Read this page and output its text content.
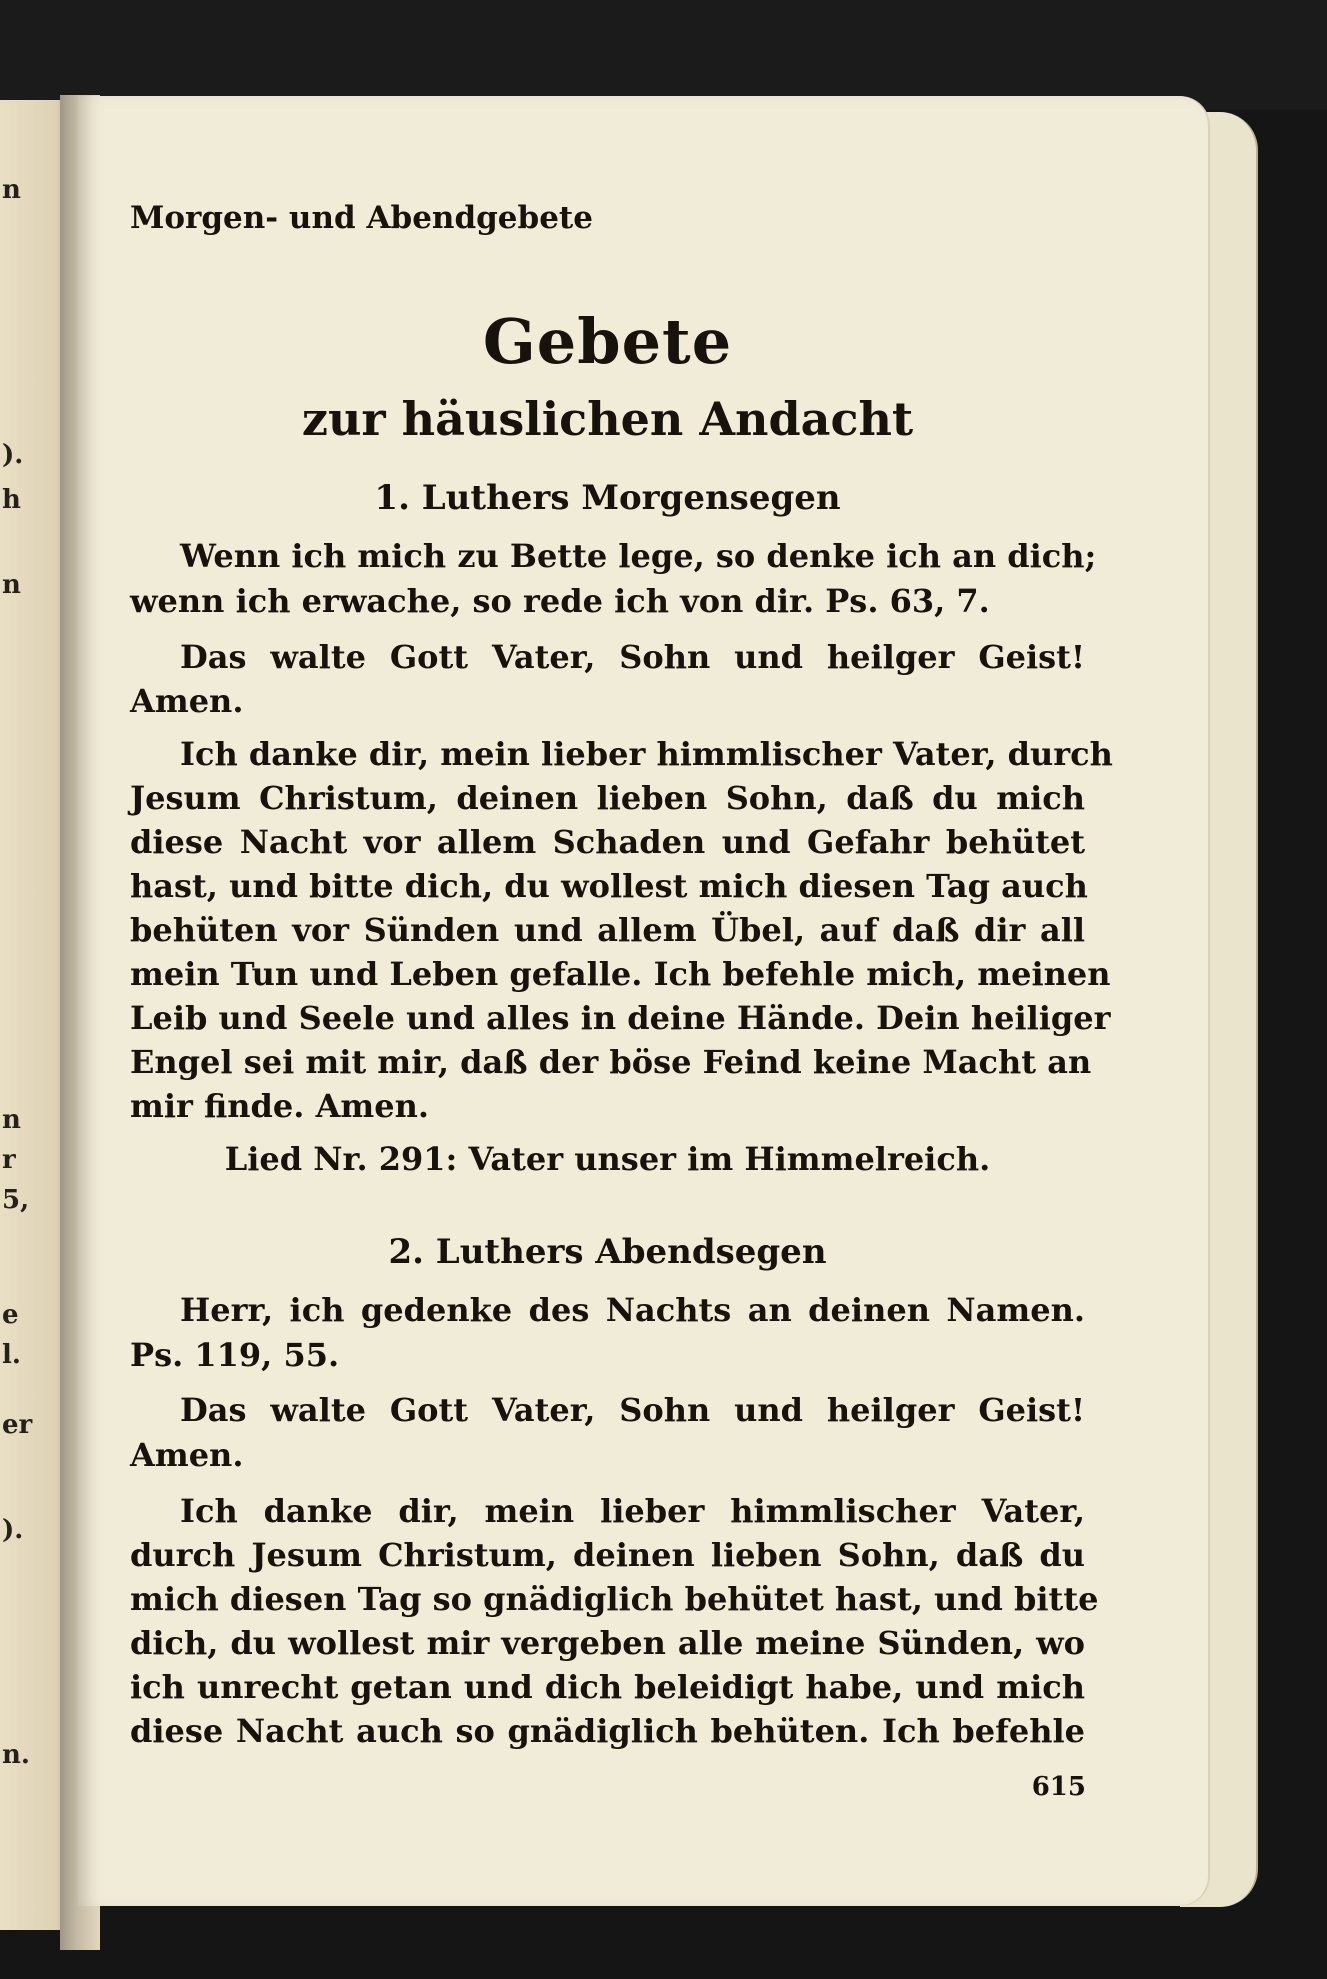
n
).
h
n
n
r
5,
e
l.
er
).
n.
Morgen- und Abendgebete
Gebete
zur häuslichen Andacht
1. Luthers Morgensegen
Wenn ich mich zu Bette lege, so denke ich an dich;
wenn ich erwache, so rede ich von dir. Ps. 63, 7.
Das walte Gott Vater, Sohn und heilger Geist!
Amen.
Ich danke dir, mein lieber himmlischer Vater, durch
Jesum Christum, deinen lieben Sohn, daß du mich
diese Nacht vor allem Schaden und Gefahr behütet
hast, und bitte dich, du wollest mich diesen Tag auch
behüten vor Sünden und allem Übel, auf daß dir all
mein Tun und Leben gefalle. Ich befehle mich, meinen
Leib und Seele und alles in deine Hände. Dein heiliger
Engel sei mit mir, daß der böse Feind keine Macht an
mir finde. Amen.
Lied Nr. 291: Vater unser im Himmelreich.
2. Luthers Abendsegen
Herr, ich gedenke des Nachts an deinen Namen.
Ps. 119, 55.
Das walte Gott Vater, Sohn und heilger Geist!
Amen.
Ich danke dir, mein lieber himmlischer Vater,
durch Jesum Christum, deinen lieben Sohn, daß du
mich diesen Tag so gnädiglich behütet hast, und bitte
dich, du wollest mir vergeben alle meine Sünden, wo
ich unrecht getan und dich beleidigt habe, und mich
diese Nacht auch so gnädiglich behüten. Ich befehle
615
